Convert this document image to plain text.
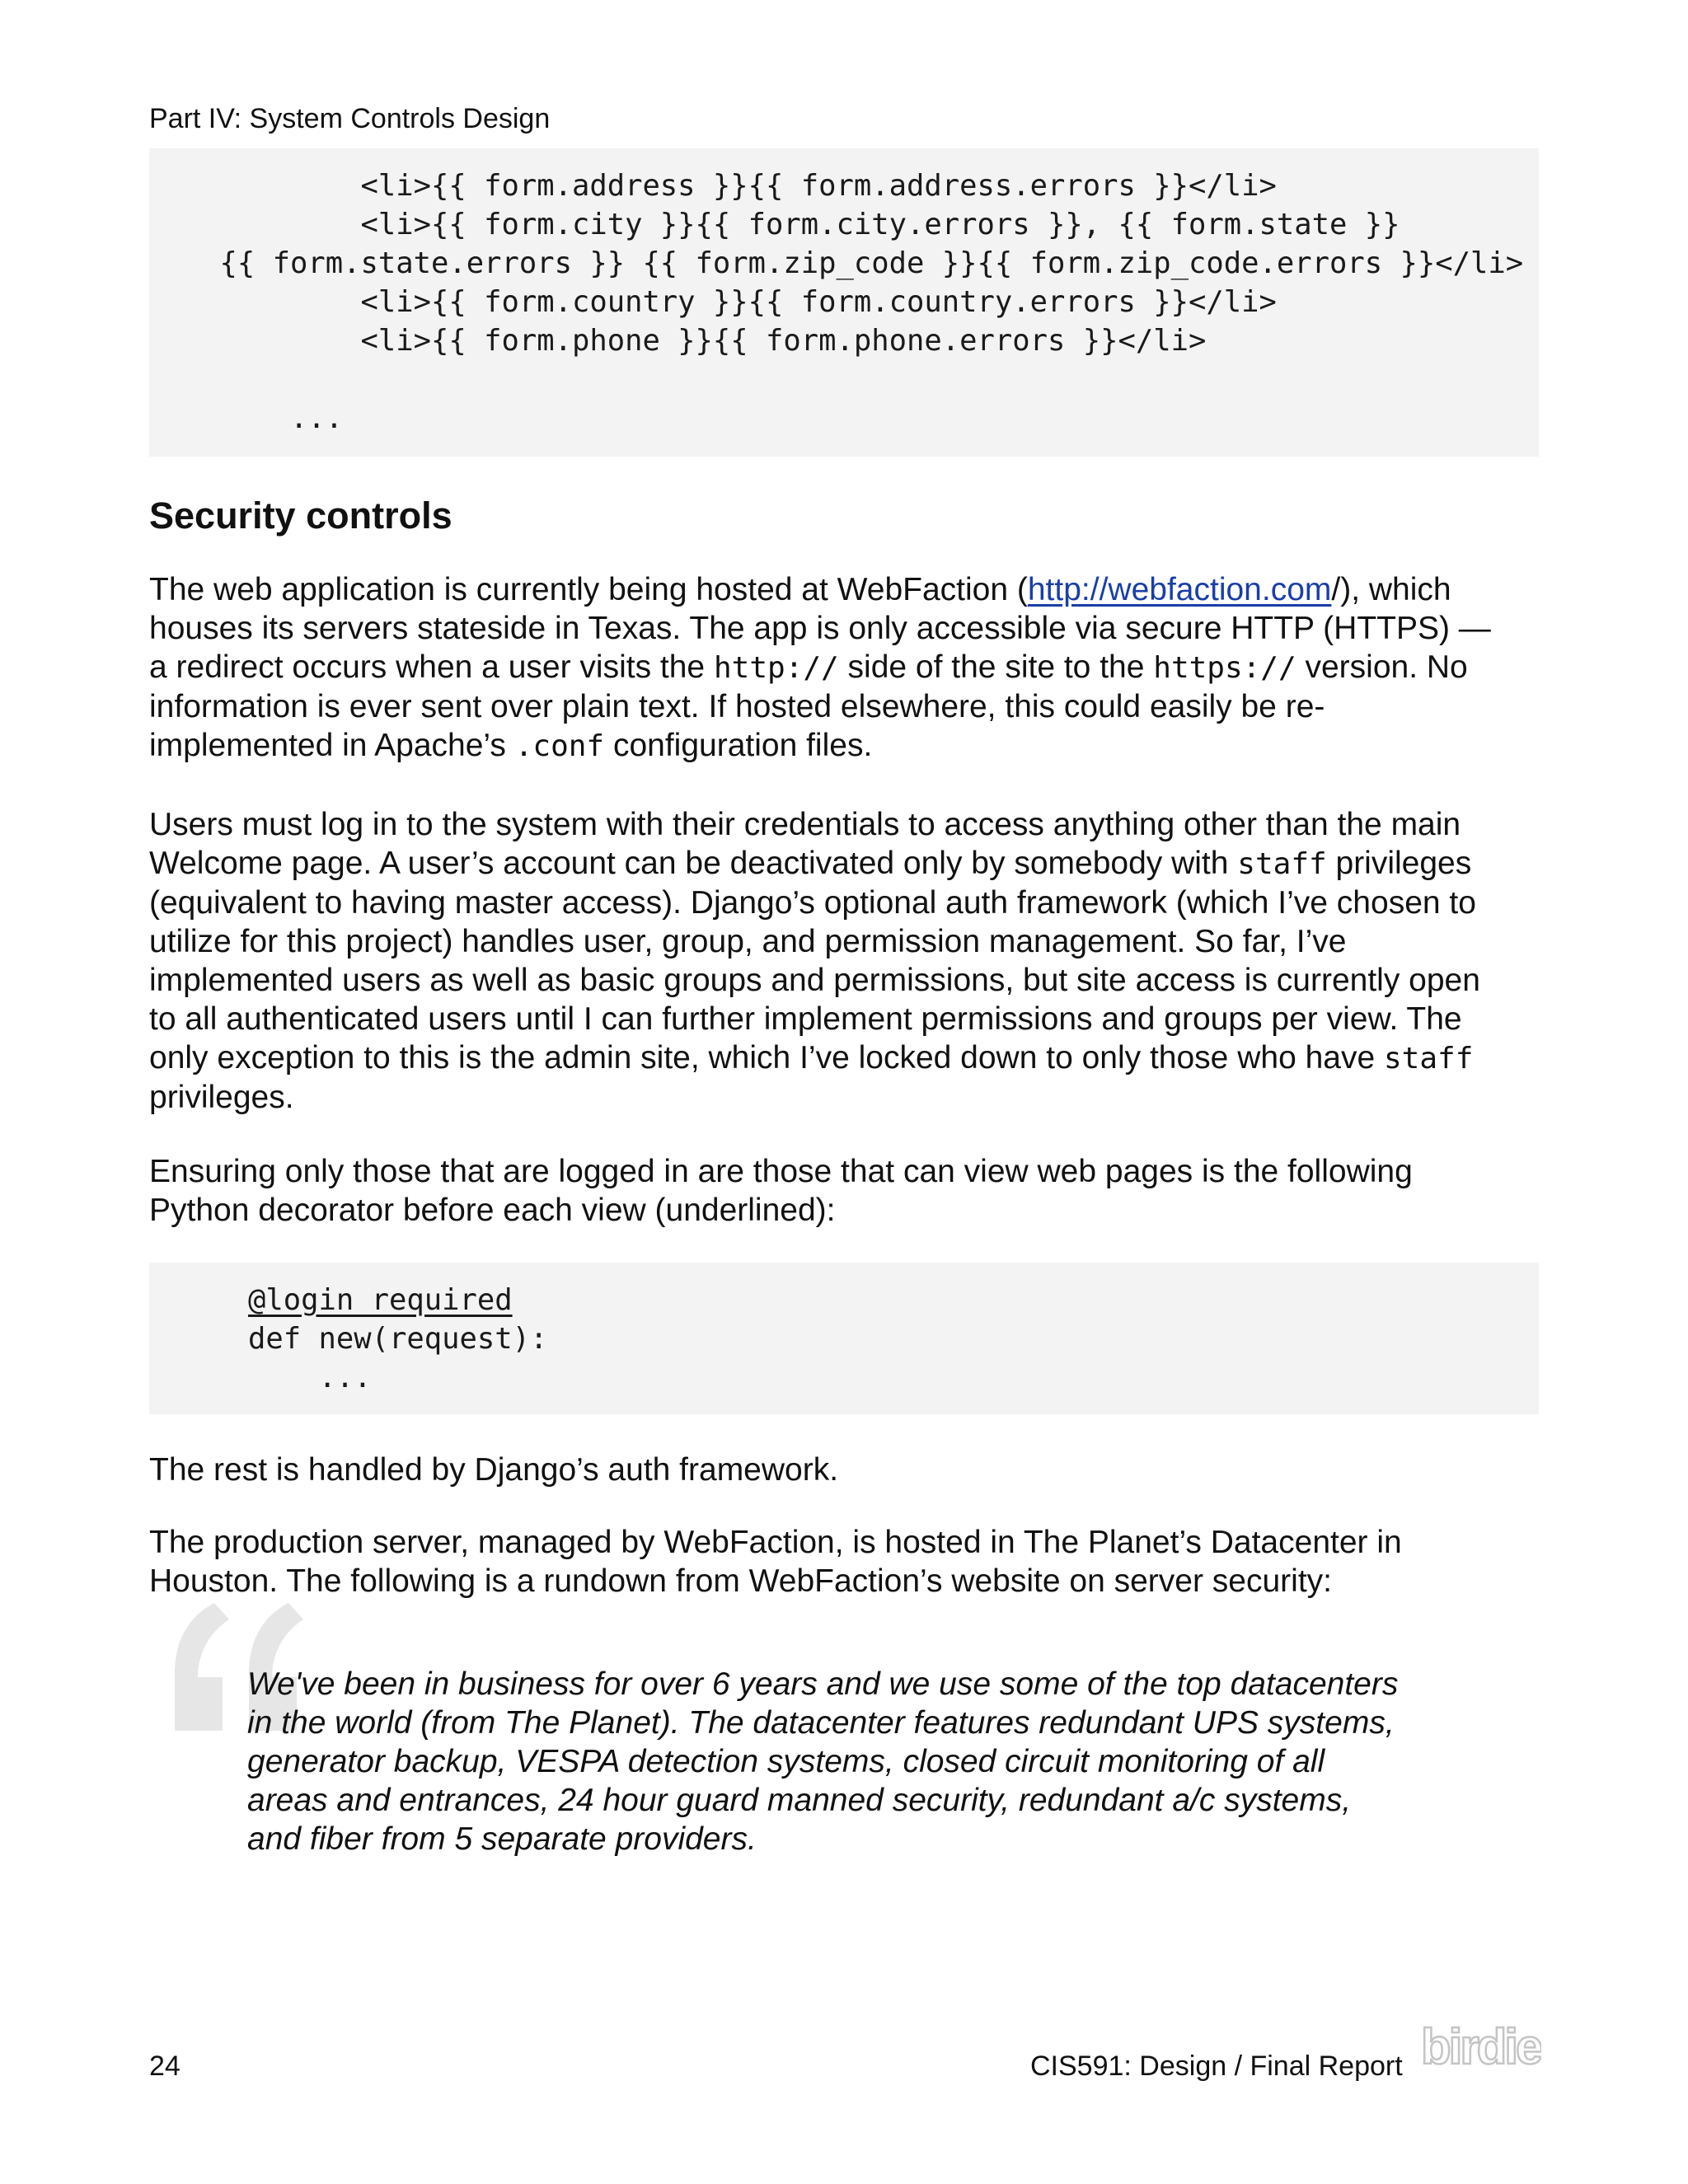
Part IV: System Controls Design
<li>{{ form.address }}{{ form.address.errors }}</li>
<li>{{ form.city }}{{ form.city.errors }}, {{ form.state }}
{{ form.state.errors }} {{ form.zip_code }}{{ form.zip_code.errors }}</li>
<li>{{ form.country }}{{ form.country.errors }}</li>
<li>{{ form.phone }}{{ form.phone.errors }}</li>
...
Security controls
The web application is currently being hosted at WebFaction (http://webfaction.com/), which
houses its servers stateside in Texas. The app is only accessible via secure HTTP (HTTPS) —
a redirect occurs when a user visits the http:// side of the site to the https:// version. No
information is ever sent over plain text. If hosted elsewhere, this could easily be re-
implemented in Apache’s .conf configuration files.
Users must log in to the system with their credentials to access anything other than the main
Welcome page. A user’s account can be deactivated only by somebody with staff privileges
(equivalent to having master access). Django’s optional auth framework (which I’ve chosen to
utilize for this project) handles user, group, and permission management. So far, I’ve
implemented users as well as basic groups and permissions, but site access is currently open
to all authenticated users until I can further implement permissions and groups per view. The
only exception to this is the admin site, which I’ve locked down to only those who have staff
privileges.
Ensuring only those that are logged in are those that can view web pages is the following
Python decorator before each view (underlined):
@login_required
def new(request):
...
The rest is handled by Django’s auth framework.
The production server, managed by WebFaction, is hosted in The Planet’s Datacenter in
Houston. The following is a rundown from WebFaction’s website on server security:
We've been in business for over 6 years and we use some of the top datacenters
in the world (from The Planet). The datacenter features redundant UPS systems,
generator backup, VESPA detection systems, closed circuit monitoring of all
areas and entrances, 24 hour guard manned security, redundant a/c systems,
and fiber from 5 separate providers.
24	CIS591: Design / Final Report birdie
